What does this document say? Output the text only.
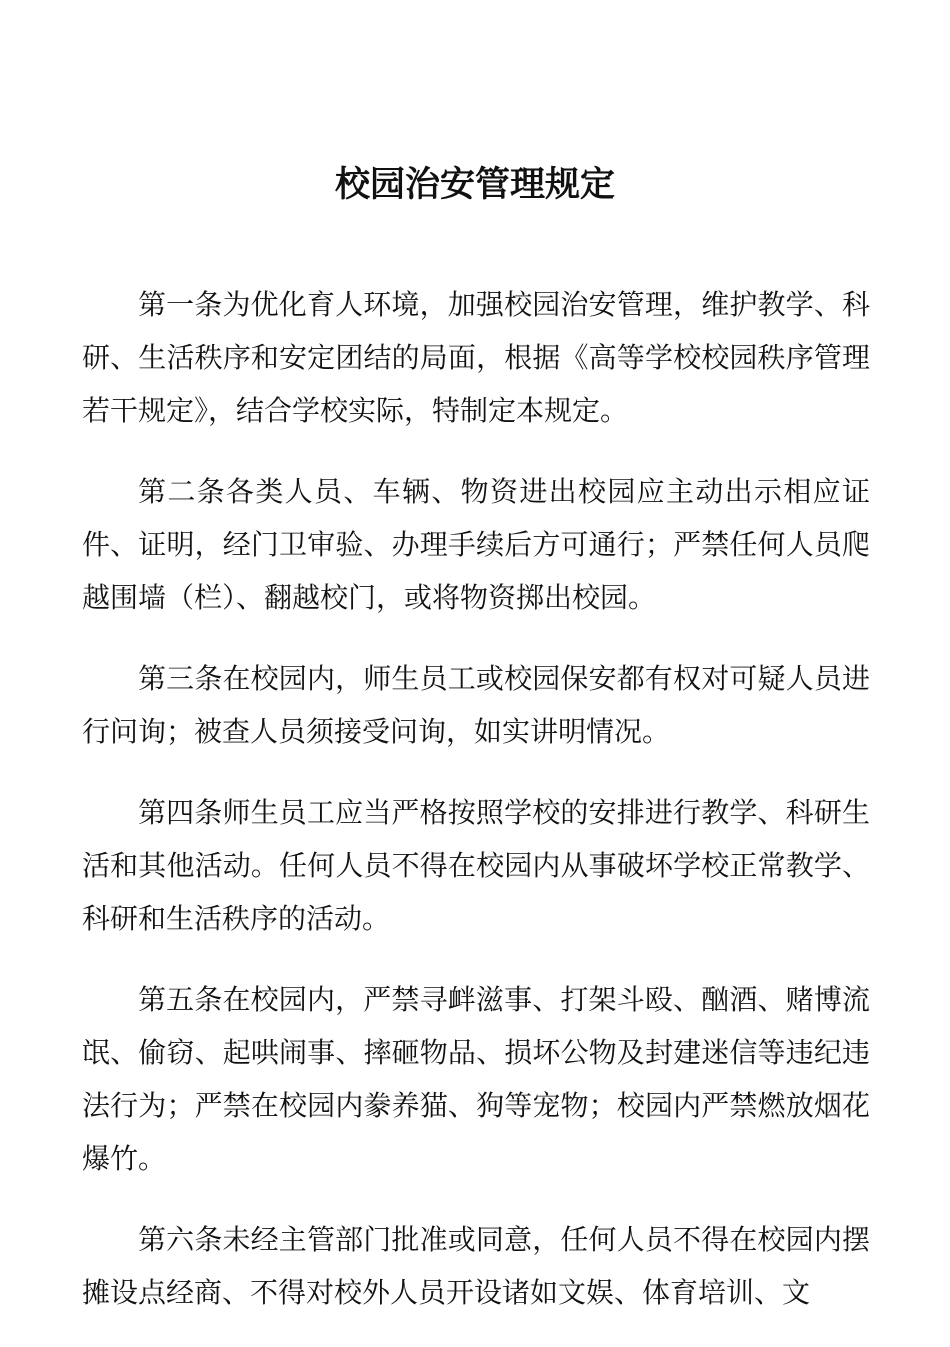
校园治安管理规定

第一条为优化育人环境，加强校园治安管理，维护教学、科研、生活秩序和安定团结的局面，根据《高等学校校园秩序管理若干规定》，结合学校实际，特制定本规定。

第二条各类人员、车辆、物资进出校园应主动出示相应证件、证明，经门卫审验、办理手续后方可通行；严禁任何人员爬越围墙（栏）、翻越校门，或将物资掷出校园。

第三条在校园内，师生员工或校园保安都有权对可疑人员进行问询；被查人员须接受问询，如实讲明情况。

第四条师生员工应当严格按照学校的安排进行教学、科研生活和其他活动。任何人员不得在校园内从事破坏学校正常教学、科研和生活秩序的活动。

第五条在校园内，严禁寻衅滋事、打架斗殴、酗酒、赌博流氓、偷窃、起哄闹事、摔砸物品、损坏公物及封建迷信等违纪违法行为；严禁在校园内豢养猫、狗等宠物；校园内严禁燃放烟花爆竹。

第六条未经主管部门批准或同意，任何人员不得在校园内摆摊设点经商、不得对校外人员开设诸如文娱、体育培训、文
